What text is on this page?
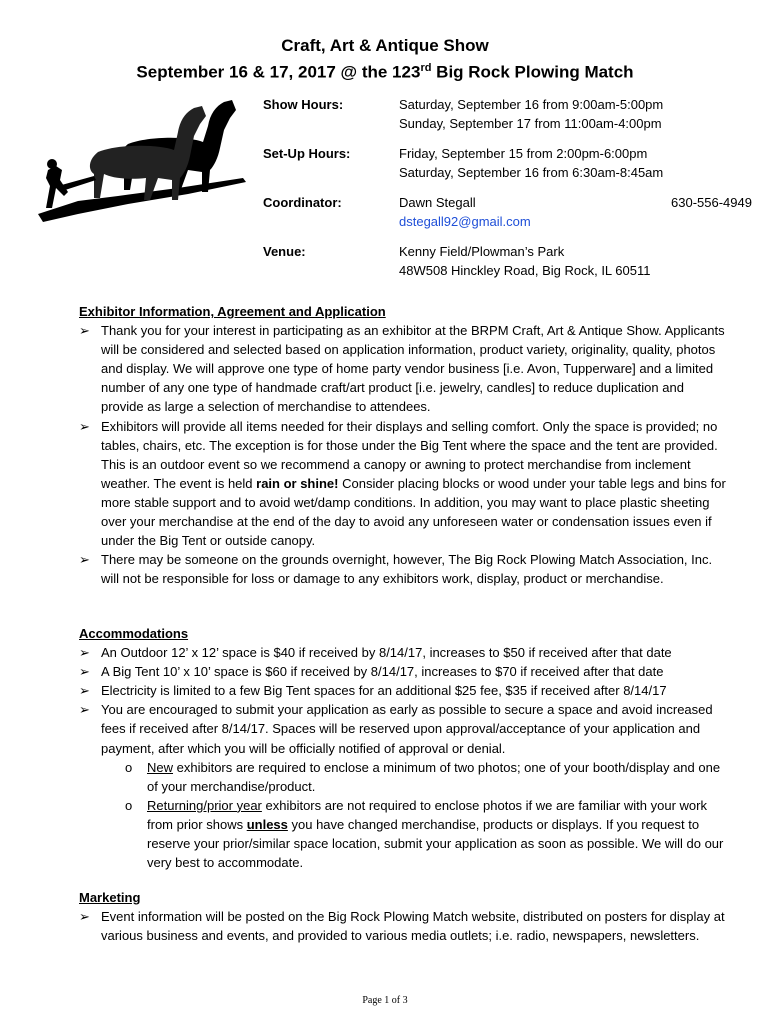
Craft, Art & Antique Show
September 16 & 17, 2017 @ the 123rd Big Rock Plowing Match
Show Hours:	Saturday, September 16 from 9:00am-5:00pm
Sunday, September 17 from 11:00am-4:00pm
Set-Up Hours:	Friday, September 15 from 2:00pm-6:00pm
Saturday, September 16 from 6:30am-8:45am
Coordinator:	Dawn Stegall	630-556-4949
dstegall92@gmail.com
Venue:	Kenny Field/Plowman’s Park
48W508 Hinckley Road, Big Rock, IL 60511
Exhibitor Information, Agreement and Application
➢ Thank you for your interest in participating as an exhibitor at the BRPM Craft, Art & Antique Show. Applicants will be considered and selected based on application information, product variety, originality, quality, photos and display. We will approve one type of home party vendor business [i.e. Avon, Tupperware] and a limited number of any one type of handmade craft/art product [i.e. jewelry, candles] to reduce duplication and provide as large a selection of merchandise to attendees.
➢ Exhibitors will provide all items needed for their displays and selling comfort. Only the space is provided; no tables, chairs, etc. The exception is for those under the Big Tent where the space and the tent are provided. This is an outdoor event so we recommend a canopy or awning to protect merchandise from inclement weather. The event is held rain or shine! Consider placing blocks or wood under your table legs and bins for more stable support and to avoid wet/damp conditions. In addition, you may want to place plastic sheeting over your merchandise at the end of the day to avoid any unforeseen water or condensation issues even if under the Big Tent or outside canopy.
➢ There may be someone on the grounds overnight, however, The Big Rock Plowing Match Association, Inc. will not be responsible for loss or damage to any exhibitors work, display, product or merchandise.
Accommodations
➢ An Outdoor 12’ x 12’ space is $40 if received by 8/14/17, increases to $50 if received after that date
➢ A Big Tent 10’ x 10’ space is $60 if received by 8/14/17, increases to $70 if received after that date
➢ Electricity is limited to a few Big Tent spaces for an additional $25 fee, $35 if received after 8/14/17
➢ You are encouraged to submit your application as early as possible to secure a space and avoid increased fees if received after 8/14/17. Spaces will be reserved upon approval/acceptance of your application and payment, after which you will be officially notified of approval or denial.
o New exhibitors are required to enclose a minimum of two photos; one of your booth/display and one of your merchandise/product.
o Returning/prior year exhibitors are not required to enclose photos if we are familiar with your work from prior shows unless you have changed merchandise, products or displays. If you request to reserve your prior/similar space location, submit your application as soon as possible. We will do our very best to accommodate.
Marketing
➢ Event information will be posted on the Big Rock Plowing Match website, distributed on posters for display at various business and events, and provided to various media outlets; i.e. radio, newspapers, newsletters.
Page 1 of 3
